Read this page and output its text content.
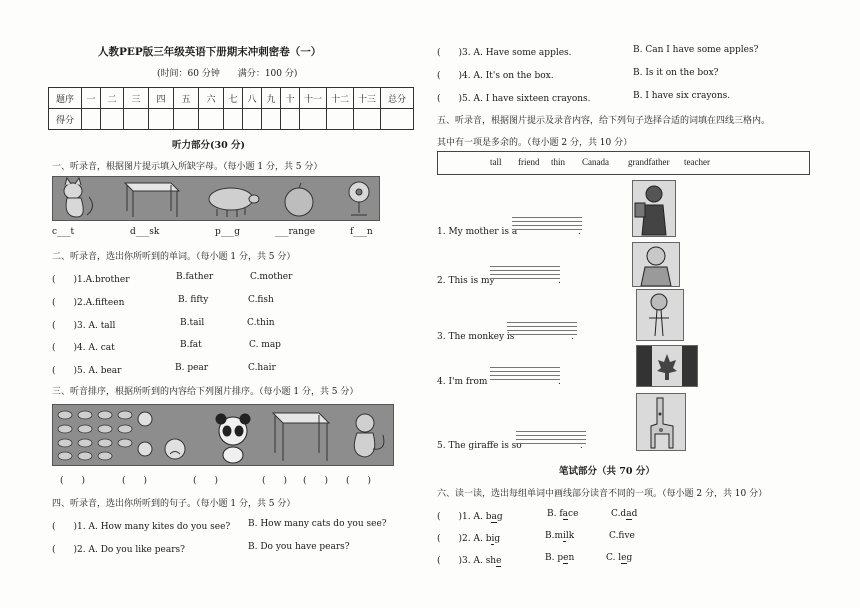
人教PEP版三年级英语下册期末冲刺密卷（一）
(时间：60 分钟　　满分：100 分)
题序	一	二	三	四	五	六	七	八	九	十	十一	十二	十三	总分
得分														
听力部分(30 分)
一、听录音，根据图片提示填入所缺字母。（每小题 1 分，共 5 分）
c___t	d___sk	p___g	___range	f___n
二、听录音，选出你所听到的单词。（每小题 1 分，共 5 分）
(　　)1.A.brother	B.father	C.mother
(　　)2.A.fifteen	B. fifty	C.fish
(　　)3. A. tall	B.tail	C.thin
(　　)4. A. cat	B.fat	C. map
(　　)5. A. bear	B. pear	C.hair
三、听音排序，根据所听到的内容给下列图片排序。（每小题 1 分，共 5 分）
(　　)	(　　)	(　　)	(　　) (　　) (　　)
四、听录音，选出你所听到的句子。（每小题 1 分，共 5 分）
(　　)1. A. How many kites do you see? B. How many cats do you see?
(　　)2. A. Do you like pears?	B. Do you have pears?
(　　)3. A. Have some apples.	B. Can I have some apples?
(　　)4. A. It's on the box.	B. Is it on the box?
(　　)5. A. I have sixteen crayons.	B. I have six crayons.
五、听录音，根据图片提示及录音内容，给下列句子选择合适的词填在四线三格内。
其中有一项是多余的。（每小题 2 分，共 10 分）
tall friend thin Canada grandfather teacher
1. My mother is a	.
2. This is my	.
3. The monkey is	.
4. I'm from	.
5. The giraffe is so	.
笔试部分（共 70 分）
六、读一读，选出每组单词中画线部分读音不同的一项。（每小题 2 分，共 10 分）
(　　)1. A. bag	B. face	C.dad
(　　)2. A. big	B.milk	C.fve
(　　)3. A. she	B. pen	C. leg
